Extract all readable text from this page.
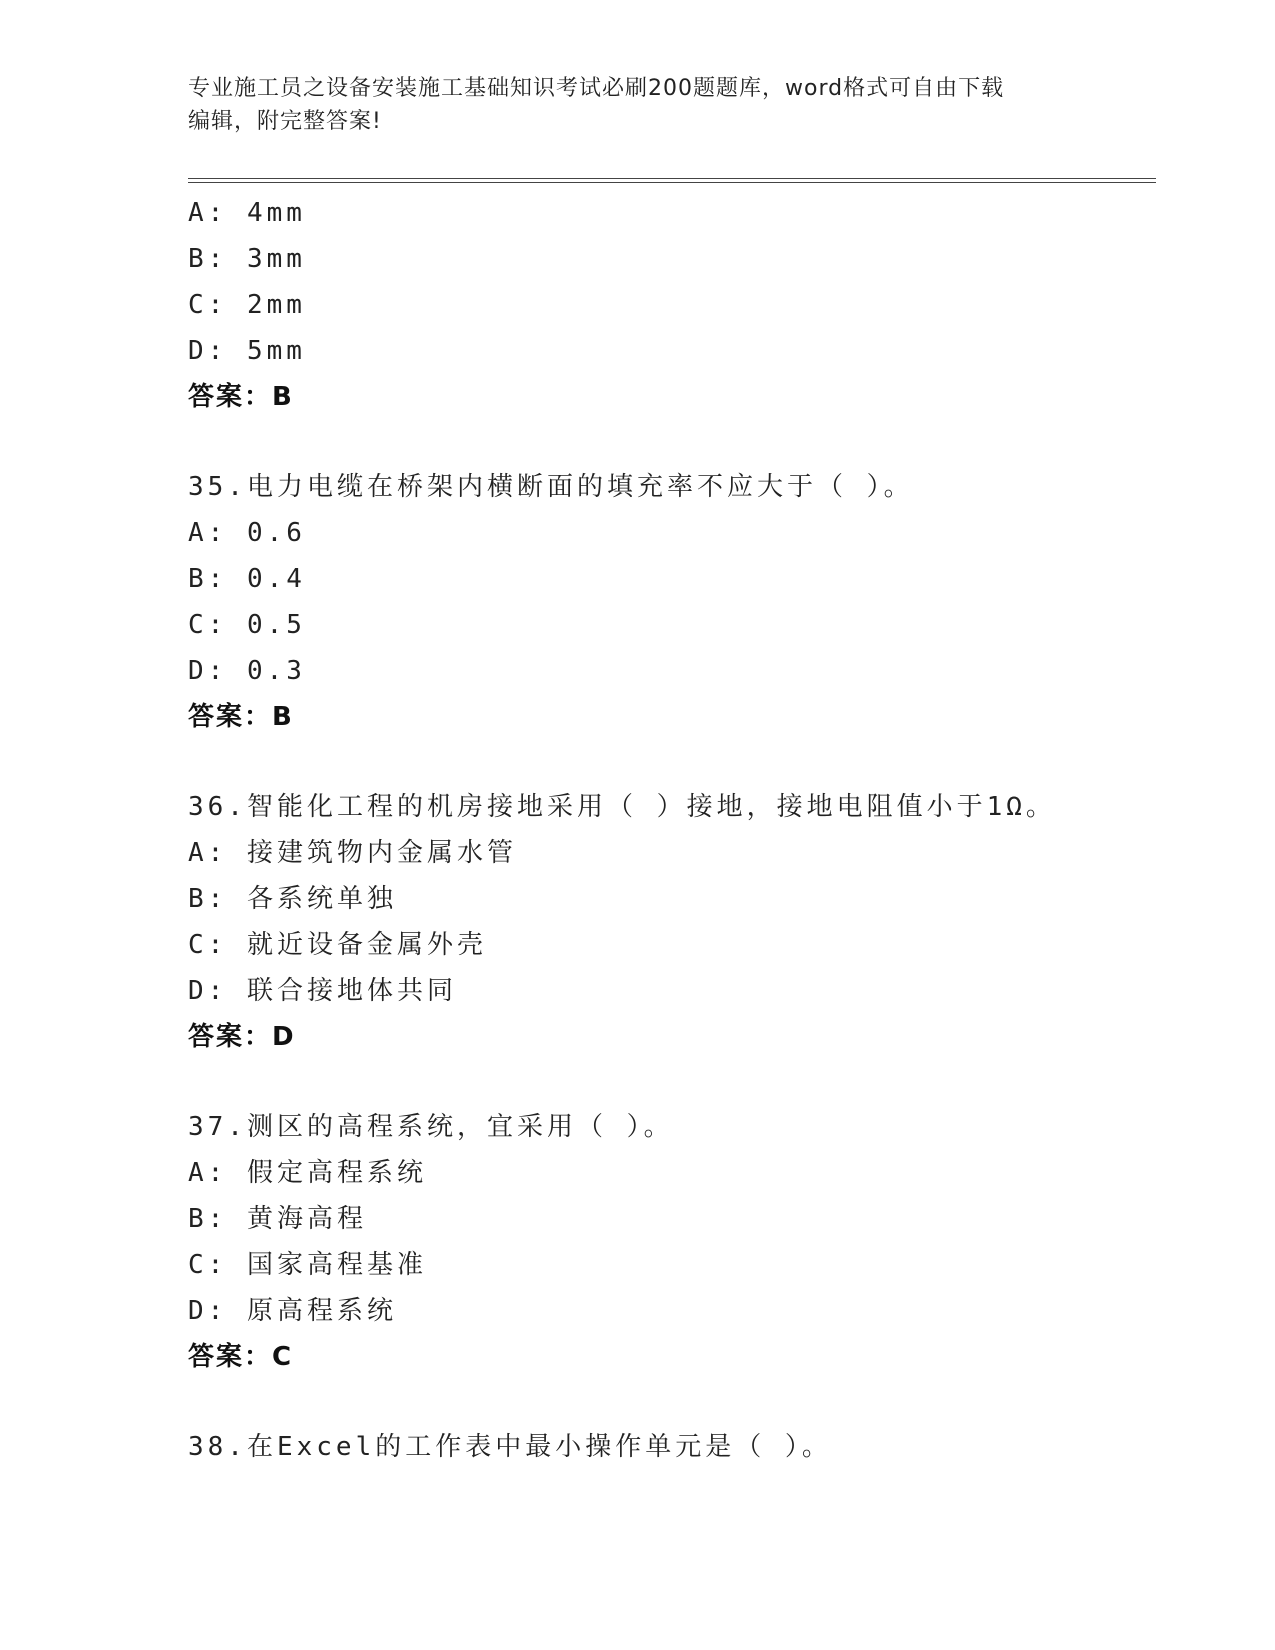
专业施工员之设备安装施工基础知识考试必刷200题题库，word格式可自由下载
编辑，附完整答案!
A: 4mm
B: 3mm
C: 2mm
D: 5mm
答案：B
35.电力电缆在桥架内横断面的填充率不应大于（ ）。
A: 0.6
B: 0.4
C: 0.5
D: 0.3
答案：B
36.智能化工程的机房接地采用（ ）接地，接地电阻值小于1Ω。
A: 接建筑物内金属水管
B: 各系统单独
C: 就近设备金属外壳
D: 联合接地体共同
答案：D
37.测区的高程系统，宜采用（ ）。
A: 假定高程系统
B: 黄海高程
C: 国家高程基准
D: 原高程系统
答案：C
38.在Excel的工作表中最小操作单元是（ ）。
